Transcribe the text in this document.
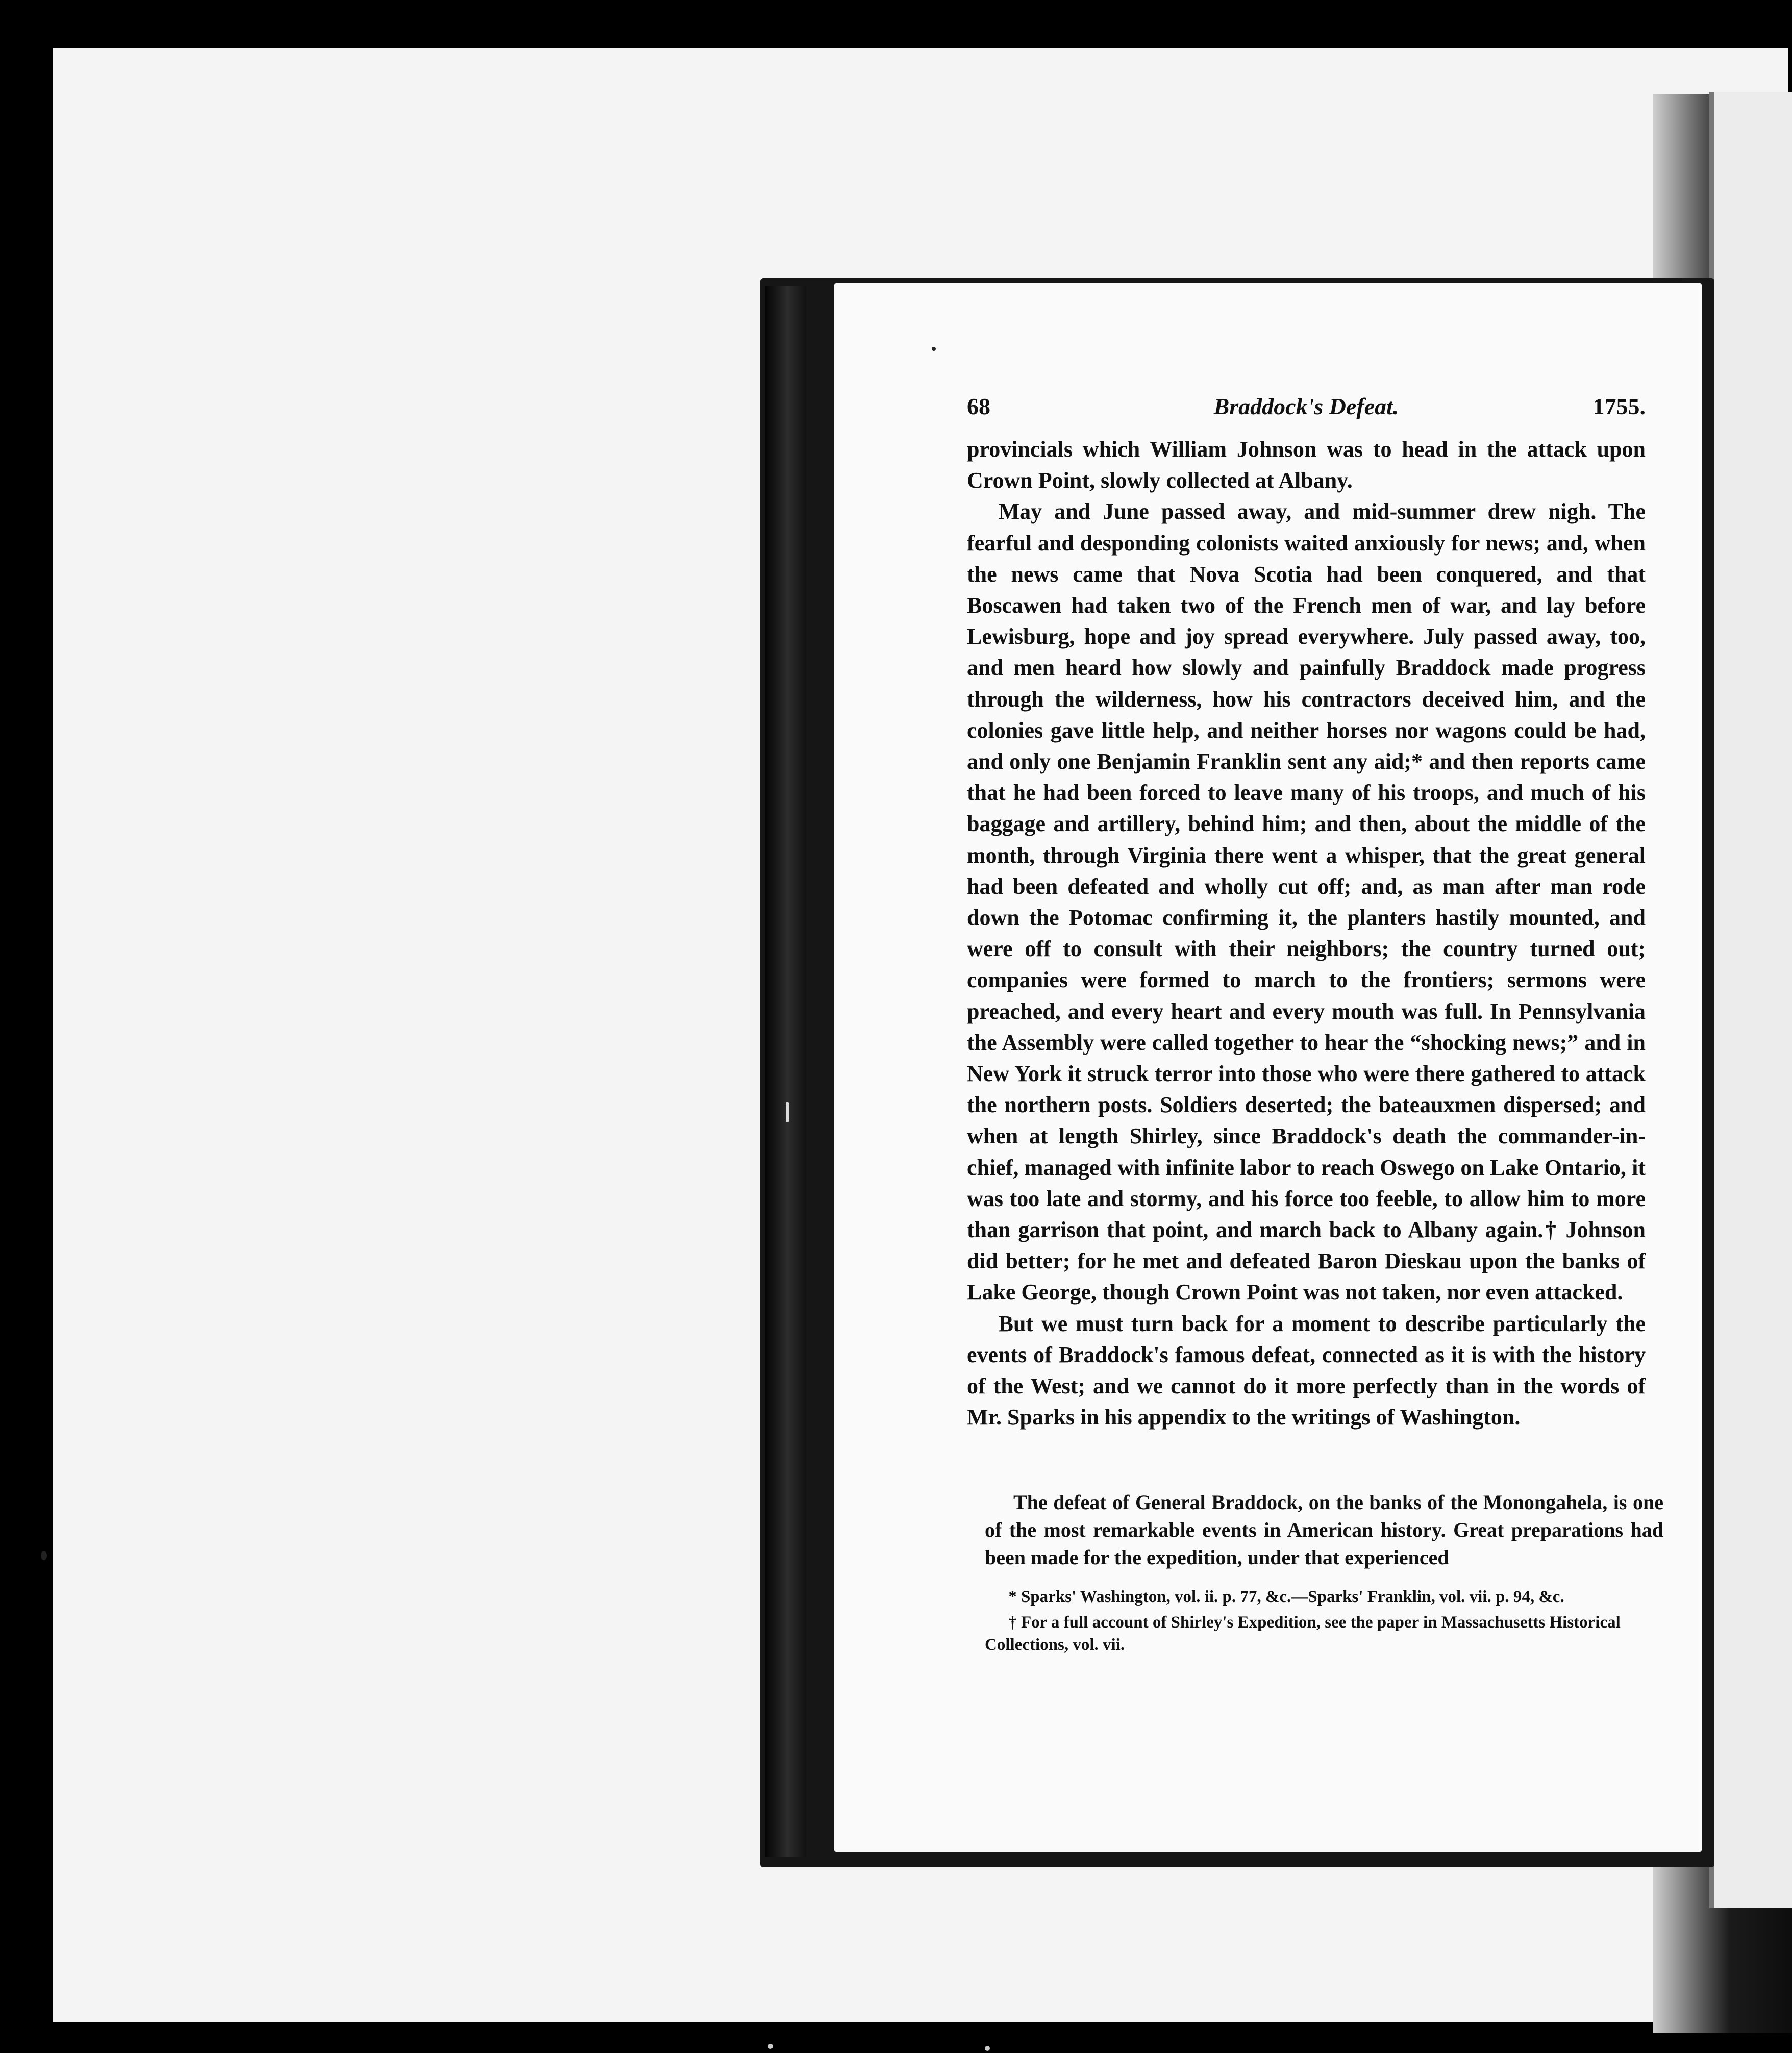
68	Braddock's Defeat.	1755.

provincials which William Johnson was to head in the attack upon Crown Point, slowly collected at Albany.

May and June passed away, and mid-summer drew nigh. The fearful and desponding colonists waited anxiously for news; and, when the news came that Nova Scotia had been conquered, and that Boscawen had taken two of the French men of war, and lay before Lewisburg, hope and joy spread everywhere. July passed away, too, and men heard how slowly and painfully Braddock made progress through the wilderness, how his contractors deceived him, and the colonies gave little help, and neither horses nor wagons could be had, and only one Benjamin Franklin sent any aid;* and then reports came that he had been forced to leave many of his troops, and much of his baggage and artillery, behind him; and then, about the middle of the month, through Virginia there went a whisper, that the great general had been defeated and wholly cut off; and, as man after man rode down the Potomac confirming it, the planters hastily mounted, and were off to consult with their neighbors; the country turned out; companies were formed to march to the frontiers; sermons were preached, and every heart and every mouth was full. In Pennsylvania the Assembly were called together to hear the “shocking news;” and in New York it struck terror into those who were there gathered to attack the northern posts. Soldiers deserted; the bateauxmen dispersed; and when at length Shirley, since Braddock's death the commander-in-chief, managed with infinite labor to reach Oswego on Lake Ontario, it was too late and stormy, and his force too feeble, to allow him to more than garrison that point, and march back to Albany again.† Johnson did better; for he met and defeated Baron Dieskau upon the banks of Lake George, though Crown Point was not taken, nor even attacked.

But we must turn back for a moment to describe particularly the events of Braddock's famous defeat, connected as it is with the history of the West; and we cannot do it more perfectly than in the words of Mr. Sparks in his appendix to the writings of Washington.

The defeat of General Braddock, on the banks of the Monongahela, is one of the most remarkable events in American history. Great preparations had been made for the expedition, under that experienced

* Sparks' Washington, vol. ii. p. 77, &c.—Sparks' Franklin, vol. vii. p. 94, &c.

† For a full account of Shirley's Expedition, see the paper in Massachusetts Historical Collections, vol. vii.
